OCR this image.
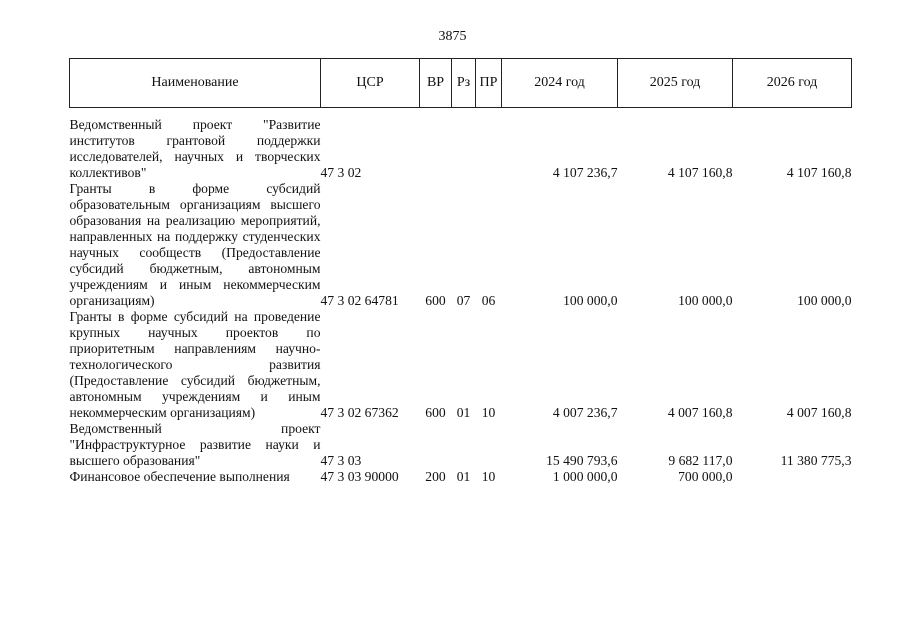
3875
Наименование	ЦСР	ВР	Рз	ПР	2024 год	2025 год	2026 год
Ведомственный проект "Развитие институтов грантовой поддержки исследователей, научных и творческих коллективов"	47 3 02				4 107 236,7	4 107 160,8	4 107 160,8
Гранты в форме субсидий образовательным организациям высшего образования на реализацию мероприятий, направленных на поддержку студенческих научных сообществ (Предоставление субсидий бюджетным, автономным учреждениям и иным некоммерческим организациям)	47 3 02 64781	600	07	06	100 000,0	100 000,0	100 000,0
Гранты в форме субсидий на проведение крупных научных проектов по приоритетным направлениям научно-технологического развития (Предоставление субсидий бюджетным, автономным учреждениям и иным некоммерческим организациям)	47 3 02 67362	600	01	10	4 007 236,7	4 007 160,8	4 007 160,8
Ведомственный проект "Инфраструктурное развитие науки и высшего образования"	47 3 03				15 490 793,6	9 682 117,0	11 380 775,3
Финансовое обеспечение выполнения	47 3 03 90000	200	01	10	1 000 000,0	700 000,0	
